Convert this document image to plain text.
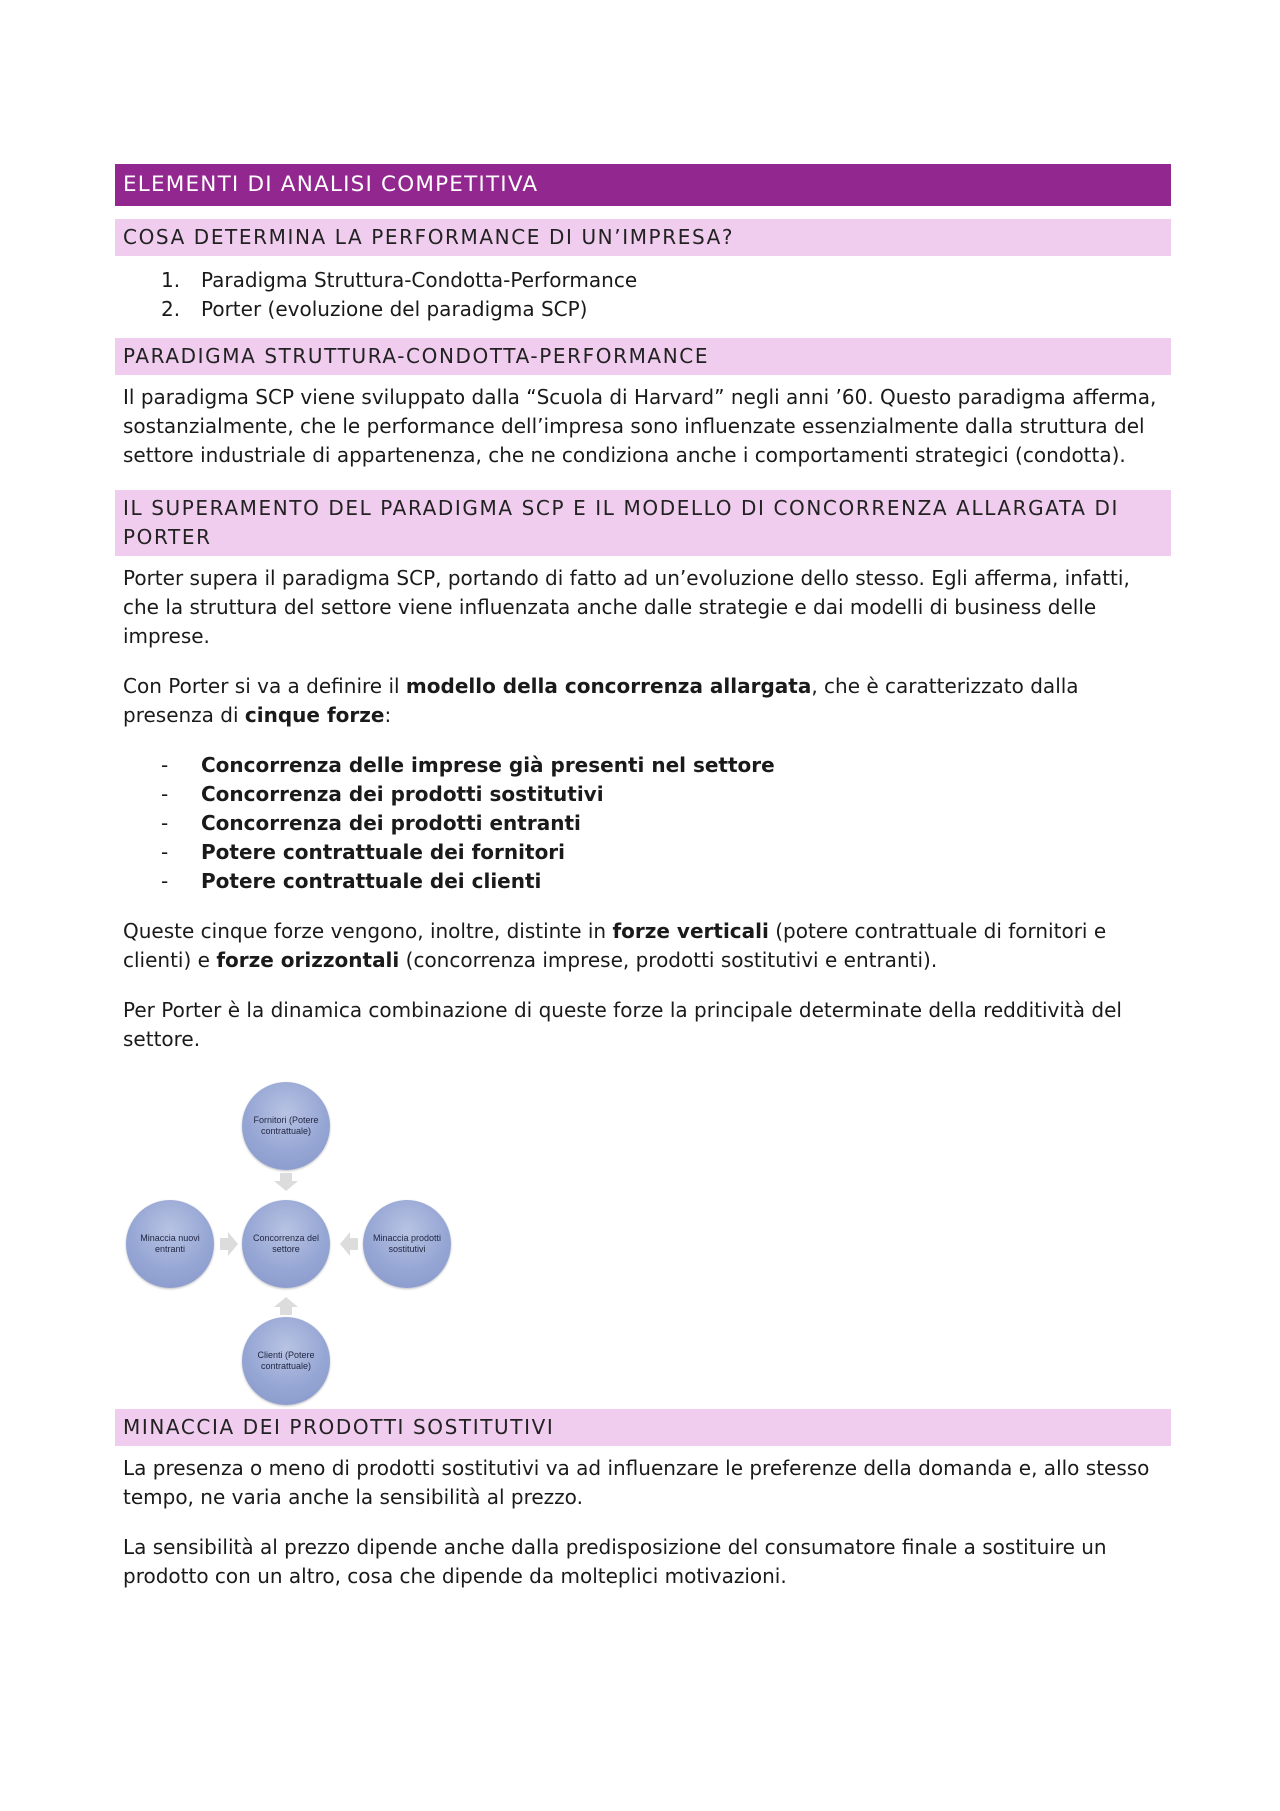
ELEMENTI DI ANALISI COMPETITIVA
COSA DETERMINA LA PERFORMANCE DI UN’IMPRESA?
1. Paradigma Struttura-Condotta-Performance
2. Porter (evoluzione del paradigma SCP)
PARADIGMA STRUTTURA-CONDOTTA-PERFORMANCE

Il paradigma SCP viene sviluppato dalla “Scuola di Harvard” negli anni ’60. Questo paradigma afferma, sostanzialmente, che le performance dell’impresa sono influenzate essenzialmente dalla struttura del settore industriale di appartenenza, che ne condiziona anche i comportamenti strategici (condotta).

IL SUPERAMENTO DEL PARADIGMA SCP E IL MODELLO DI CONCORRENZA ALLARGATA DI PORTER

Porter supera il paradigma SCP, portando di fatto ad un’evoluzione dello stesso. Egli afferma, infatti, che la struttura del settore viene influenzata anche dalle strategie e dai modelli di business delle imprese.

Con Porter si va a definire il modello della concorrenza allargata, che è caratterizzato dalla presenza di cinque forze:

- Concorrenza delle imprese già presenti nel settore
- Concorrenza dei prodotti sostitutivi
- Concorrenza dei prodotti entranti
- Potere contrattuale dei fornitori
- Potere contrattuale dei clienti

Queste cinque forze vengono, inoltre, distinte in forze verticali (potere contrattuale di fornitori e clienti) e forze orizzontali (concorrenza imprese, prodotti sostitutivi e entranti).

Per Porter è la dinamica combinazione di queste forze la principale determinate della redditività del settore.

Fornitori (Potere contrattuale)
Minaccia nuovi entranti
Concorrenza del settore
Minaccia prodotti sostitutivi
Clienti (Potere contrattuale)
MINACCIA DEI PRODOTTI SOSTITUTIVI

La presenza o meno di prodotti sostitutivi va ad influenzare le preferenze della domanda e, allo stesso tempo, ne varia anche la sensibilità al prezzo.

La sensibilità al prezzo dipende anche dalla predisposizione del consumatore finale a sostituire un prodotto con un altro, cosa che dipende da molteplici motivazioni.
